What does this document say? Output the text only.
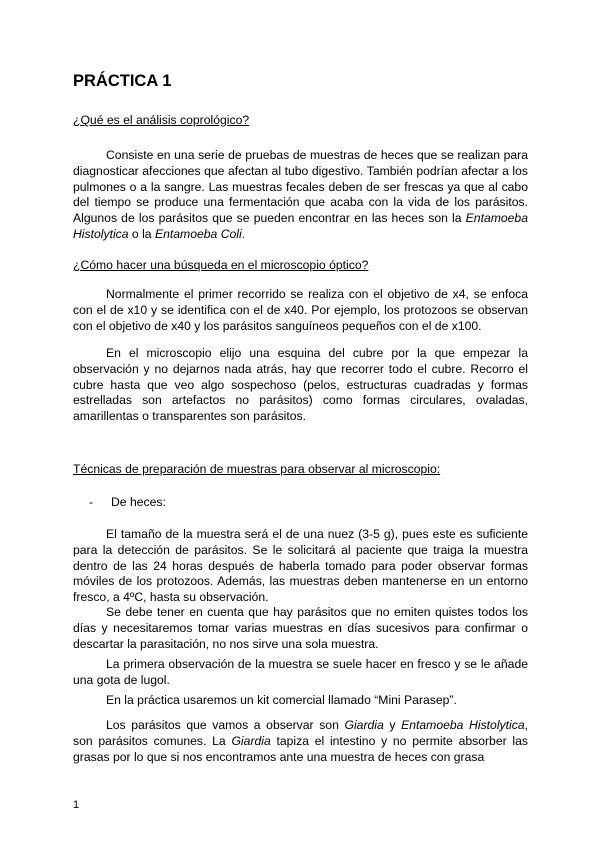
PRÁCTICA 1

¿Qué es el análisis coprológico?

Consiste en una serie de pruebas de muestras de heces que se realizan para diagnosticar afecciones que afectan al tubo digestivo. También podrían afectar a los pulmones o a la sangre. Las muestras fecales deben de ser frescas ya que al cabo del tiempo se produce una fermentación que acaba con la vida de los parásitos. Algunos de los parásitos que se pueden encontrar en las heces son la Entamoeba Histolytica o la Entamoeba Coli.

¿Cómo hacer una búsqueda en el microscopio óptico?

Normalmente el primer recorrido se realiza con el objetivo de x4, se enfoca con el de x10 y se identifica con el de x40. Por ejemplo, los protozoos se observan con el objetivo de x40 y los parásitos sanguíneos pequeños con el de x100.

En el microscopio elijo una esquina del cubre por la que empezar la observación y no dejarnos nada atrás, hay que recorrer todo el cubre. Recorro el cubre hasta que veo algo sospechoso (pelos, estructuras cuadradas y formas estrelladas son artefactos no parásitos) como formas circulares, ovaladas, amarillentas o transparentes son parásitos.

Técnicas de preparación de muestras para observar al microscopio:

- De heces:

El tamaño de la muestra será el de una nuez (3-5 g), pues este es suficiente para la detección de parásitos. Se le solicitará al paciente que traiga la muestra dentro de las 24 horas después de haberla tomado para poder observar formas móviles de los protozoos. Además, las muestras deben mantenerse en un entorno fresco, a 4ºC, hasta su observación.

Se debe tener en cuenta que hay parásitos que no emiten quistes todos los días y necesitaremos tomar varias muestras en días sucesivos para confirmar o descartar la parasitación, no nos sirve una sola muestra.

La primera observación de la muestra se suele hacer en fresco y se le añade una gota de lugol.

En la práctica usaremos un kit comercial llamado “Mini Parasep”.

Los parásitos que vamos a observar son Giardia y Entamoeba Histolytica, son parásitos comunes. La Giardia tapiza el intestino y no permite absorber las grasas por lo que si nos encontramos ante una muestra de heces con grasa

1
